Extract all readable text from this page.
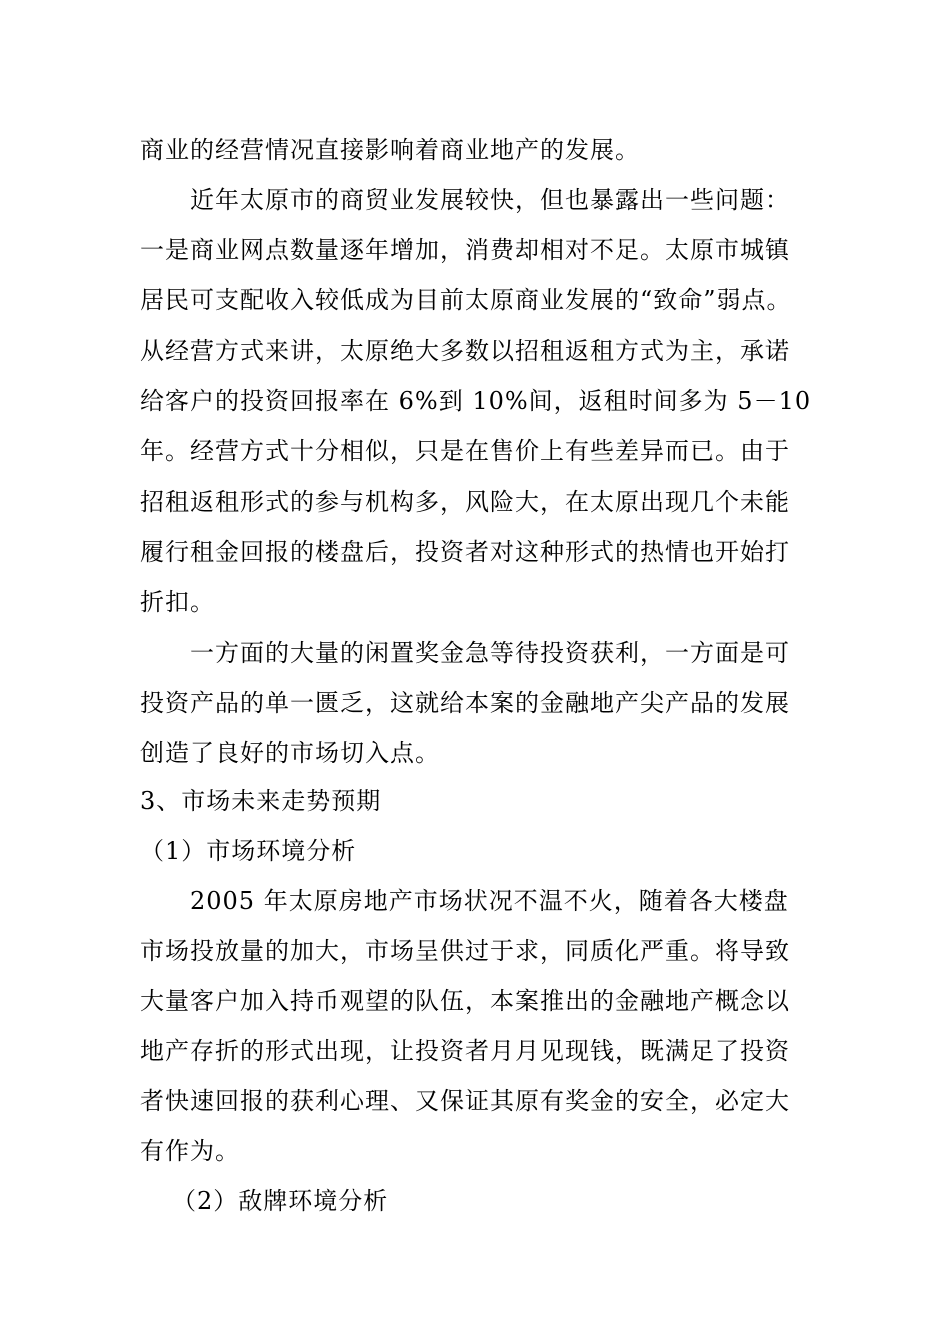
商业的经营情况直接影响着商业地产的发展。
近年太原市的商贸业发展较快，但也暴露出一些问题：
一是商业网点数量逐年增加，消费却相对不足。太原市城镇
居民可支配收入较低成为目前太原商业发展的“致命”弱点。
从经营方式来讲，太原绝大多数以招租返租方式为主，承诺
给客户的投资回报率在 6%到 10%间，返租时间多为 5－10
年。经营方式十分相似，只是在售价上有些差异而已。由于
招租返租形式的参与机构多，风险大，在太原出现几个未能
履行租金回报的楼盘后，投资者对这种形式的热情也开始打
折扣。
一方面的大量的闲置奖金急等待投资获利，一方面是可
投资产品的单一匮乏，这就给本案的金融地产尖产品的发展
创造了良好的市场切入点。
3、市场未来走势预期
（1）市场环境分析
2005 年太原房地产市场状况不温不火，随着各大楼盘
市场投放量的加大，市场呈供过于求，同质化严重。将导致
大量客户加入持币观望的队伍，本案推出的金融地产概念以
地产存折的形式出现，让投资者月月见现钱，既满足了投资
者快速回报的获利心理、又保证其原有奖金的安全，必定大
有作为。
（2）敌牌环境分析
